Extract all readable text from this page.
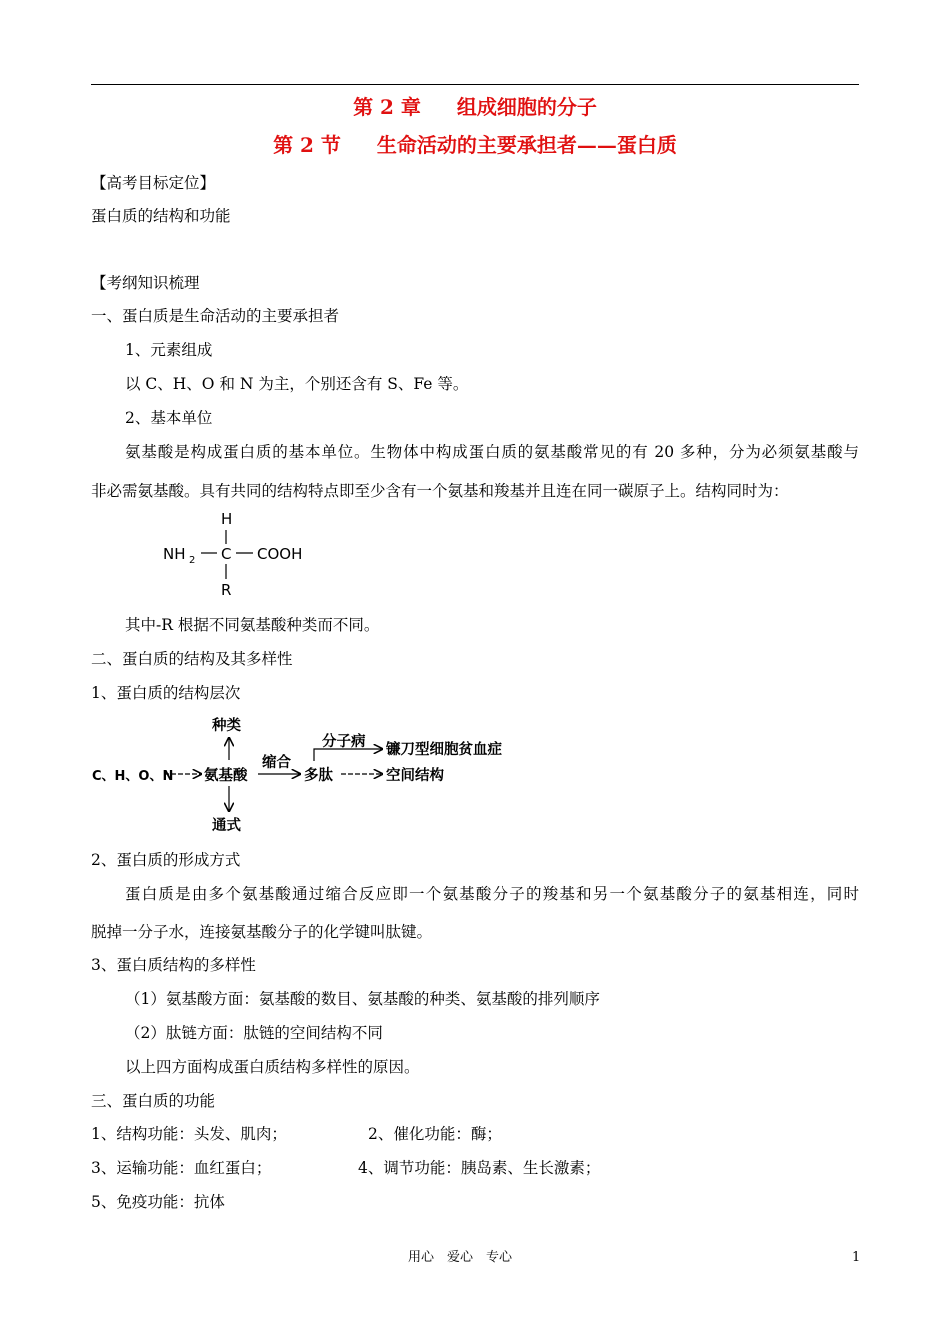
第 2 章 组成细胞的分子
第 2 节 生命活动的主要承担者——蛋白质
【高考目标定位】
蛋白质的结构和功能
【考纲知识梳理
一、蛋白质是生命活动的主要承担者
1、元素组成
以 C、H、O 和 N 为主，个别还含有 S、Fe 等。
2、基本单位
氨基酸是构成蛋白质的基本单位。生物体中构成蛋白质的氨基酸常见的有 20 多种，分为必须氨基酸与
非必需氨基酸。具有共同的结构特点即至少含有一个氨基和羧基并且连在同一碳原子上。结构同时为：
H
NH 2 C COOH
R
其中-R 根据不同氨基酸种类而不同。
二、蛋白质的结构及其多样性
1、蛋白质的结构层次
种类
C、H、O、N 氨基酸
缩合
多肽
分子病 镰刀型细胞贫血症
空间结构
通式
2、蛋白质的形成方式
蛋白质是由多个氨基酸通过缩合反应即一个氨基酸分子的羧基和另一个氨基酸分子的氨基相连，同时
脱掉一分子水，连接氨基酸分子的化学键叫肽键。
3、蛋白质结构的多样性
（1）氨基酸方面：氨基酸的数目、氨基酸的种类、氨基酸的排列顺序
（2）肽链方面：肽链的空间结构不同
以上四方面构成蛋白质结构多样性的原因。
三、蛋白质的功能
1、结构功能：头发、肌肉；	2、催化功能：酶；
3、运输功能：血红蛋白；	4、调节功能：胰岛素、生长激素；
5、免疫功能：抗体
用心　爱心　专心	1
